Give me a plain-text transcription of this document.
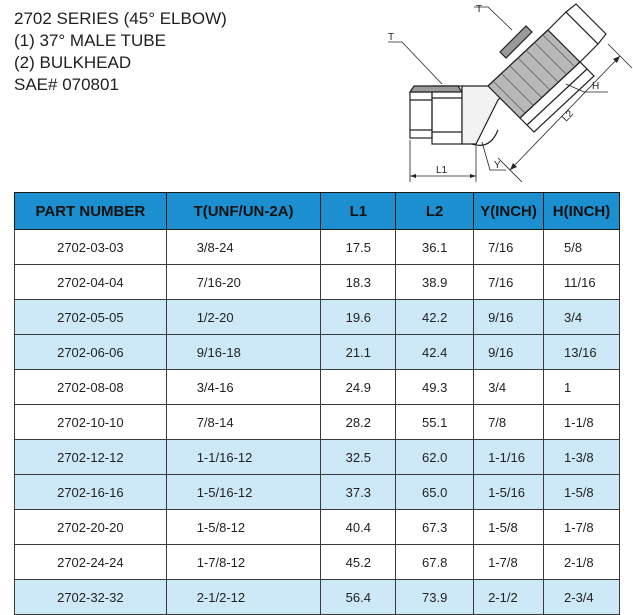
2702 SERIES (45° ELBOW)
(1) 37° MALE TUBE
(2) BULKHEAD
SAE# 070801
T
T
H
L2
L1	Y
PART NUMBER	T(UNF/UN-2A)	L1	L2	Y(INCH)	H(INCH)
2702-03-03	3/8-24	17.5	36.1	7/16	5/8
2702-04-04	7/16-20	18.3	38.9	7/16	11/16
2702-05-05	1/2-20	19.6	42.2	9/16	3/4
2702-06-06	9/16-18	21.1	42.4	9/16	13/16
2702-08-08	3/4-16	24.9	49.3	3/4	1
2702-10-10	7/8-14	28.2	55.1	7/8	1-1/8
2702-12-12	1-1/16-12	32.5	62.0	1-1/16	1-3/8
2702-16-16	1-5/16-12	37.3	65.0	1-5/16	1-5/8
2702-20-20	1-5/8-12	40.4	67.3	1-5/8	1-7/8
2702-24-24	1-7/8-12	45.2	67.8	1-7/8	2-1/8
2702-32-32	2-1/2-12	56.4	73.9	2-1/2	2-3/4
